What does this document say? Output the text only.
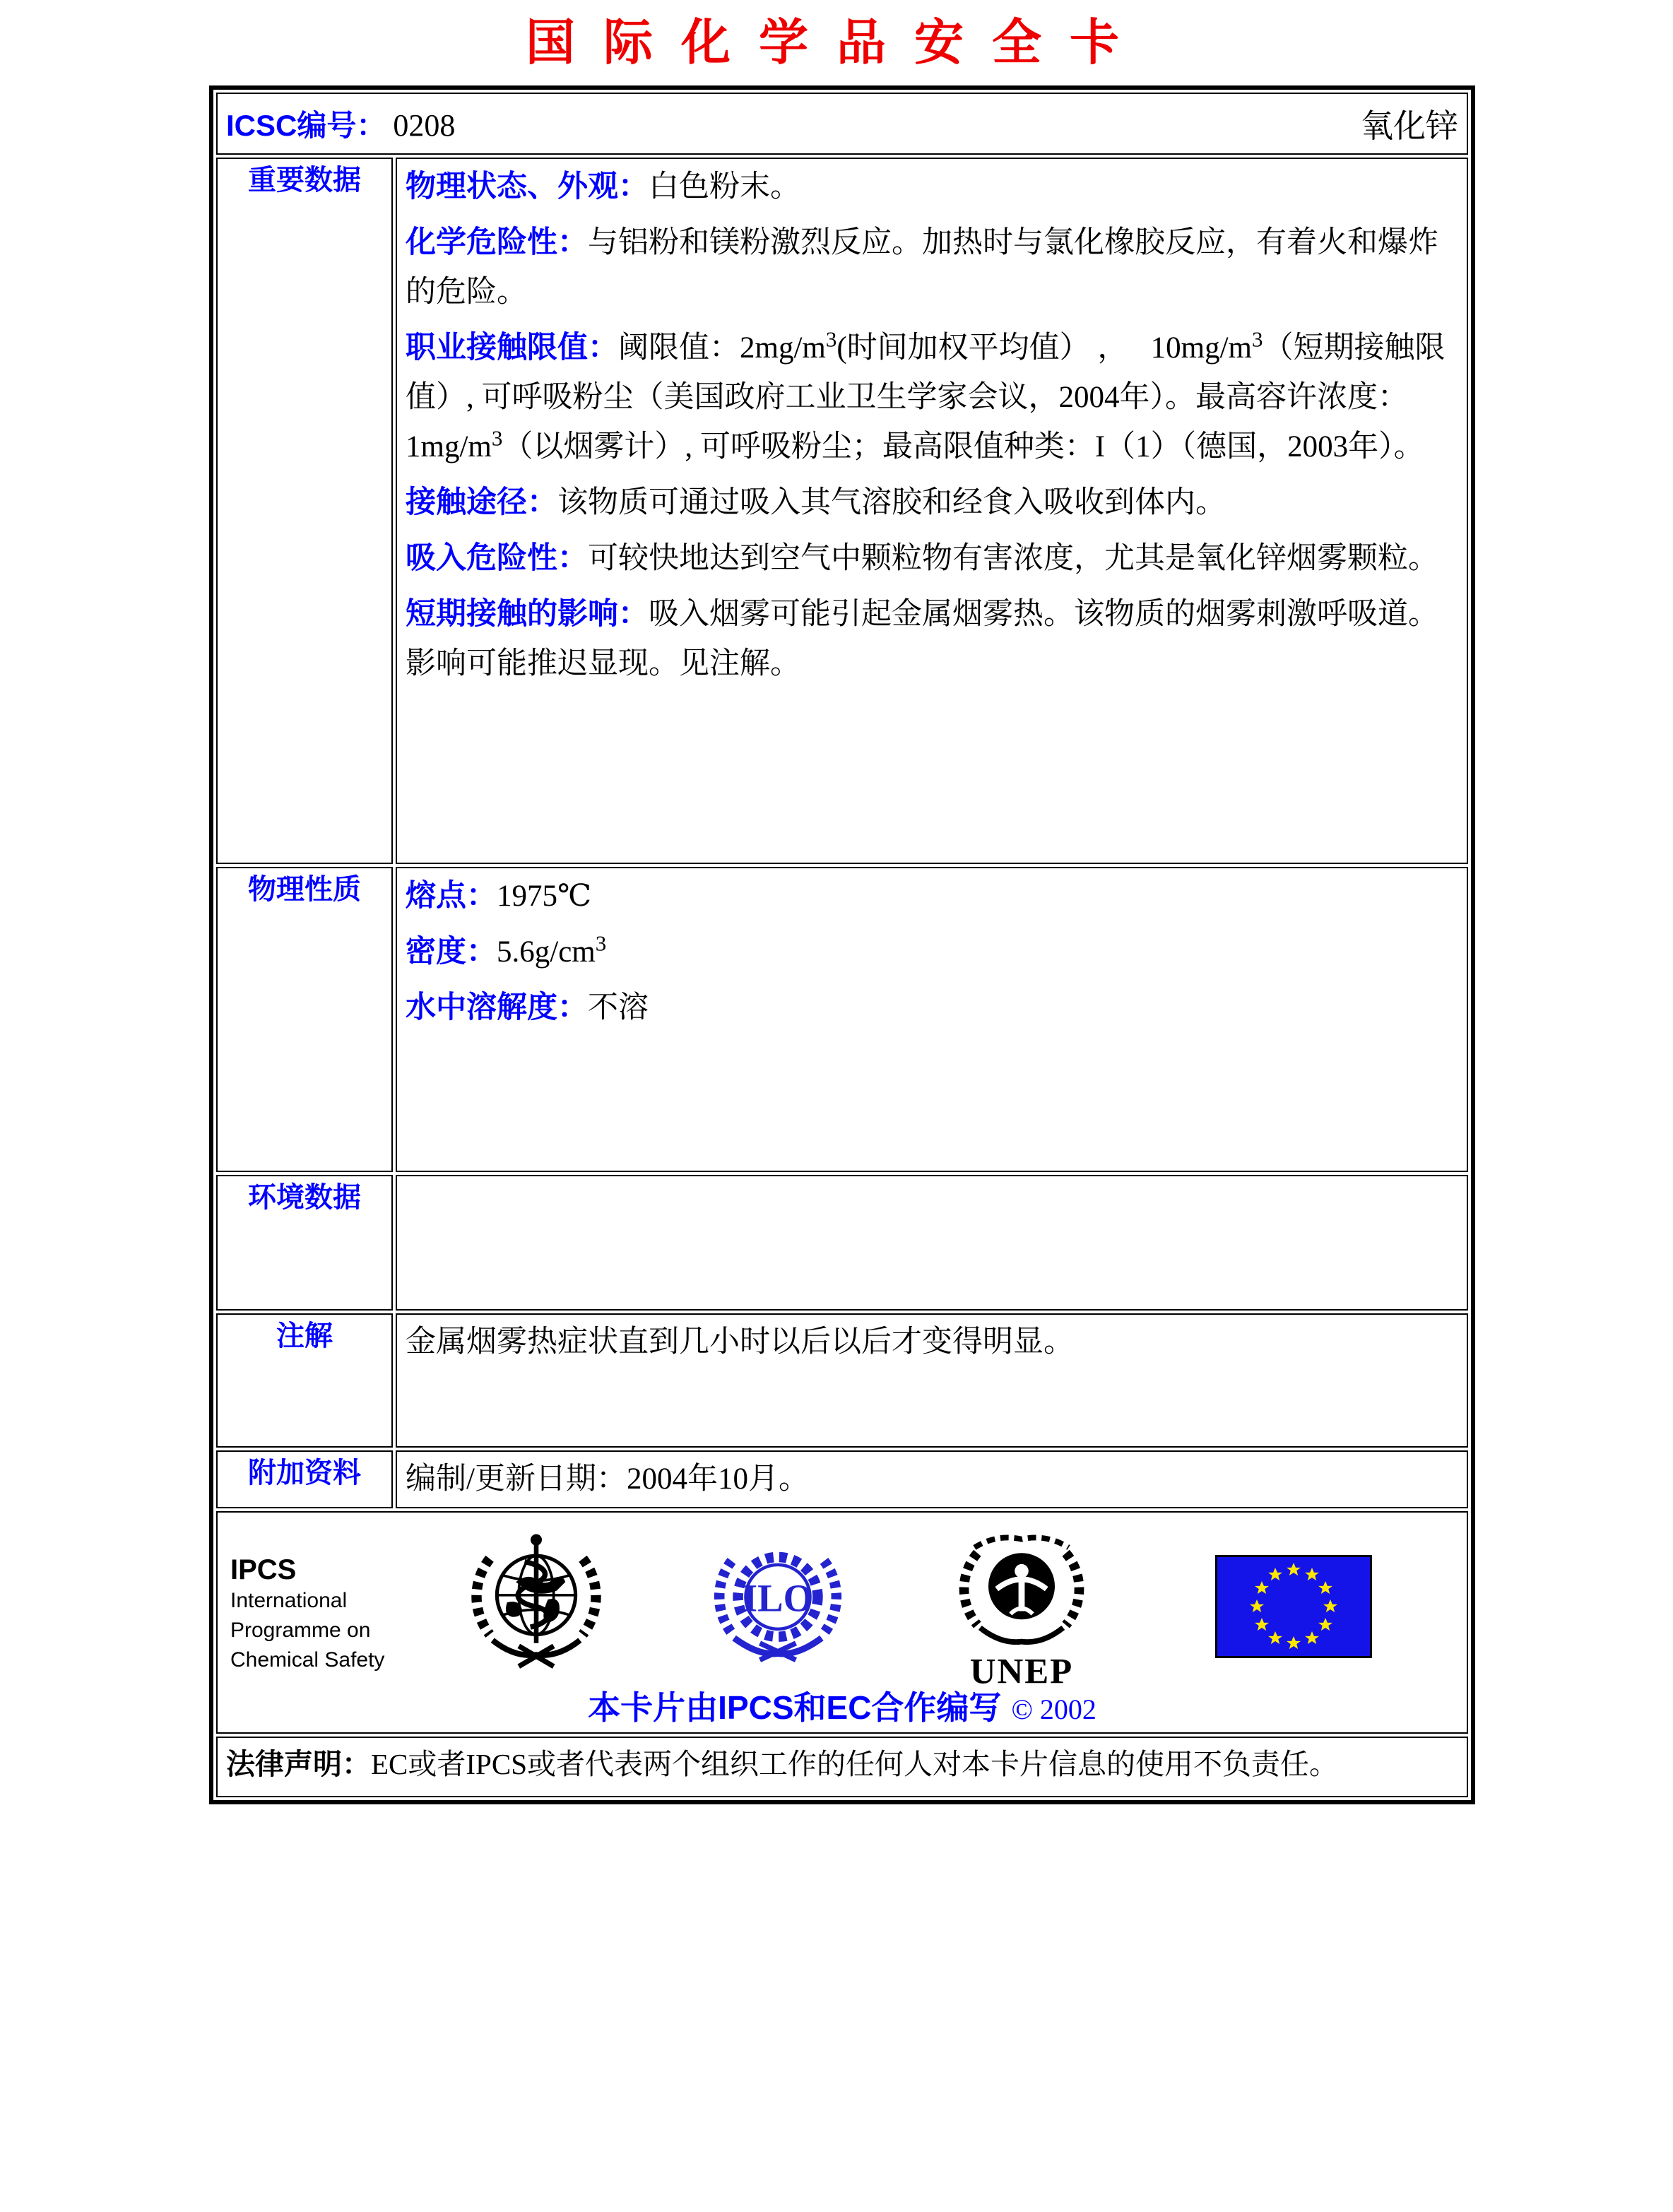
国际化学品安全卡
ICSC编号： 0208 氧化锌	

重要数据	物理状态、外观：白色粉末。

化学危险性：与铝粉和镁粉激烈反应。加热时与氯化橡胶反应，有着火和爆炸的危险。

职业接触限值：阈限值：$2mg/m^3$(时间加权平均值） ，   $10mg/m^3$（短期接触限值）, 可呼吸粉尘（美国政府工业卫生学家会议，2004年）。最高容许浓度：$1mg/m^3$（以烟雾计）, 可呼吸粉尘；最高限值种类：I（1）（德国，2003年）。

接触途径：该物质可通过吸入其气溶胶和经食入吸收到体内。

吸入危险性：可较快地达到空气中颗粒物有害浓度，尤其是氧化锌烟雾颗粒。

短期接触的影响：吸入烟雾可能引起金属烟雾热。该物质的烟雾刺激呼吸道。影响可能推迟显现。见注解。

物理性质	熔点：1975℃

密度：$5.6g/cm^3$

水中溶解度：不溶

环境数据	
注解	金属烟雾热症状直到几小时以后以后才变得明显。
附加资料	编制/更新日期：2004年10月。

IPCS
International
Programme on
Chemical Safety
ILO
UNEP
本卡片由IPCS和EC合作编写 © 2002

法律声明：EC或者IPCS或者代表两个组织工作的任何人对本卡片信息的使用不负责任。	
